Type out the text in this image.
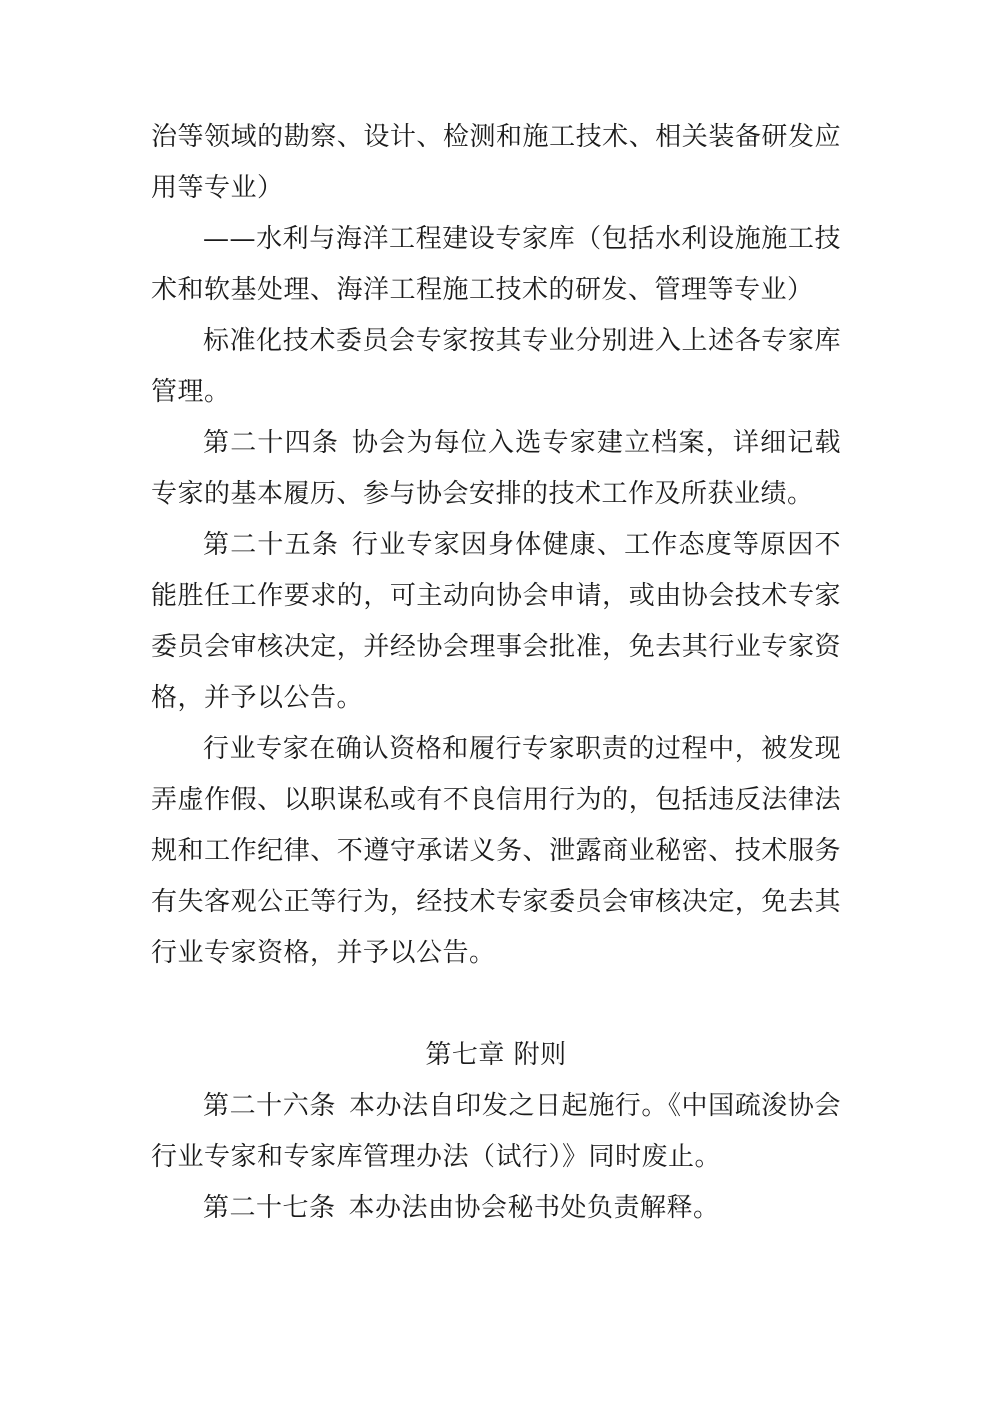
治等领域的勘察、设计、检测和施工技术、相关装备研发应用等专业）

——水利与海洋工程建设专家库（包括水利设施施工技术和软基处理、海洋工程施工技术的研发、管理等专业）

标准化技术委员会专家按其专业分别进入上述各专家库管理。

第二十四条 协会为每位入选专家建立档案，详细记载专家的基本履历、参与协会安排的技术工作及所获业绩。

第二十五条 行业专家因身体健康、工作态度等原因不能胜任工作要求的，可主动向协会申请，或由协会技术专家委员会审核决定，并经协会理事会批准，免去其行业专家资格，并予以公告。

行业专家在确认资格和履行专家职责的过程中，被发现弄虚作假、以职谋私或有不良信用行为的，包括违反法律法规和工作纪律、不遵守承诺义务、泄露商业秘密、技术服务有失客观公正等行为，经技术专家委员会审核决定，免去其行业专家资格，并予以公告。

第七章 附则

第二十六条 本办法自印发之日起施行。《中国疏浚协会行业专家和专家库管理办法（试行）》同时废止。

第二十七条 本办法由协会秘书处负责解释。
